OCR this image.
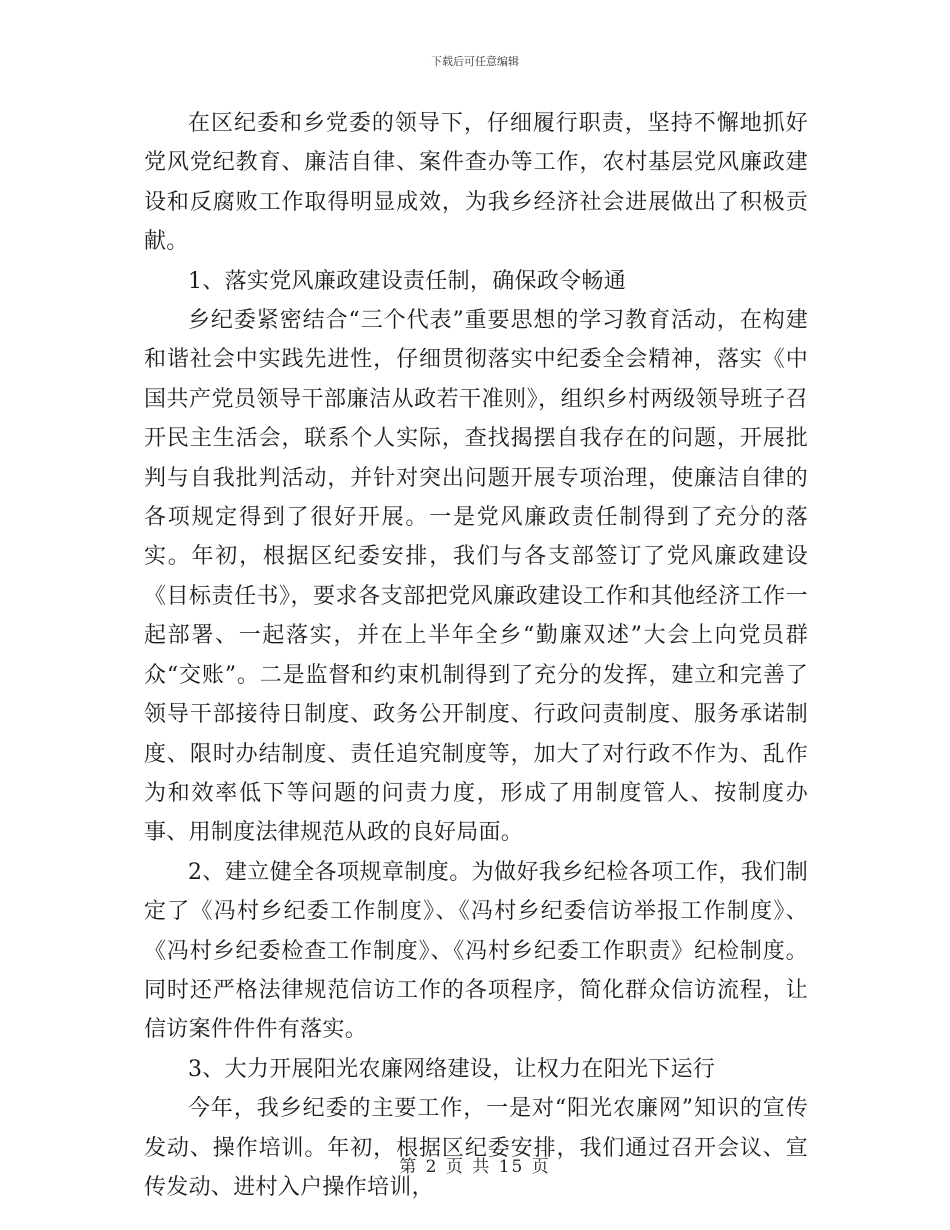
下载后可任意编辑

在区纪委和乡党委的领导下，仔细履行职责，坚持不懈地抓好党风党纪教育、廉洁自律、案件查办等工作，农村基层党风廉政建设和反腐败工作取得明显成效，为我乡经济社会进展做出了积极贡献。

1、落实党风廉政建设责任制，确保政令畅通

乡纪委紧密结合“三个代表”重要思想的学习教育活动，在构建和谐社会中实践先进性，仔细贯彻落实中纪委全会精神，落实《中国共产党员领导干部廉洁从政若干准则》，组织乡村两级领导班子召开民主生活会，联系个人实际，查找揭摆自我存在的问题，开展批判与自我批判活动，并针对突出问题开展专项治理，使廉洁自律的各项规定得到了很好开展。一是党风廉政责任制得到了充分的落实。年初，根据区纪委安排，我们与各支部签订了党风廉政建设《目标责任书》，要求各支部把党风廉政建设工作和其他经济工作一起部署、一起落实，并在上半年全乡“勤廉双述”大会上向党员群众“交账”。二是监督和约束机制得到了充分的发挥，建立和完善了领导干部接待日制度、政务公开制度、行政问责制度、服务承诺制度、限时办结制度、责任追究制度等，加大了对行政不作为、乱作为和效率低下等问题的问责力度，形成了用制度管人、按制度办事、用制度法律规范从政的良好局面。

2、建立健全各项规章制度。为做好我乡纪检各项工作，我们制定了《冯村乡纪委工作制度》、《冯村乡纪委信访举报工作制度》、《冯村乡纪委检查工作制度》、《冯村乡纪委工作职责》纪检制度。同时还严格法律规范信访工作的各项程序，简化群众信访流程，让信访案件件件有落实。

3、大力开展阳光农廉网络建设，让权力在阳光下运行

今年，我乡纪委的主要工作，一是对“阳光农廉网”知识的宣传发动、操作培训。年初，根据区纪委安排，我们通过召开会议、宣传发动、进村入户操作培训，

第 2 页 共 15 页
